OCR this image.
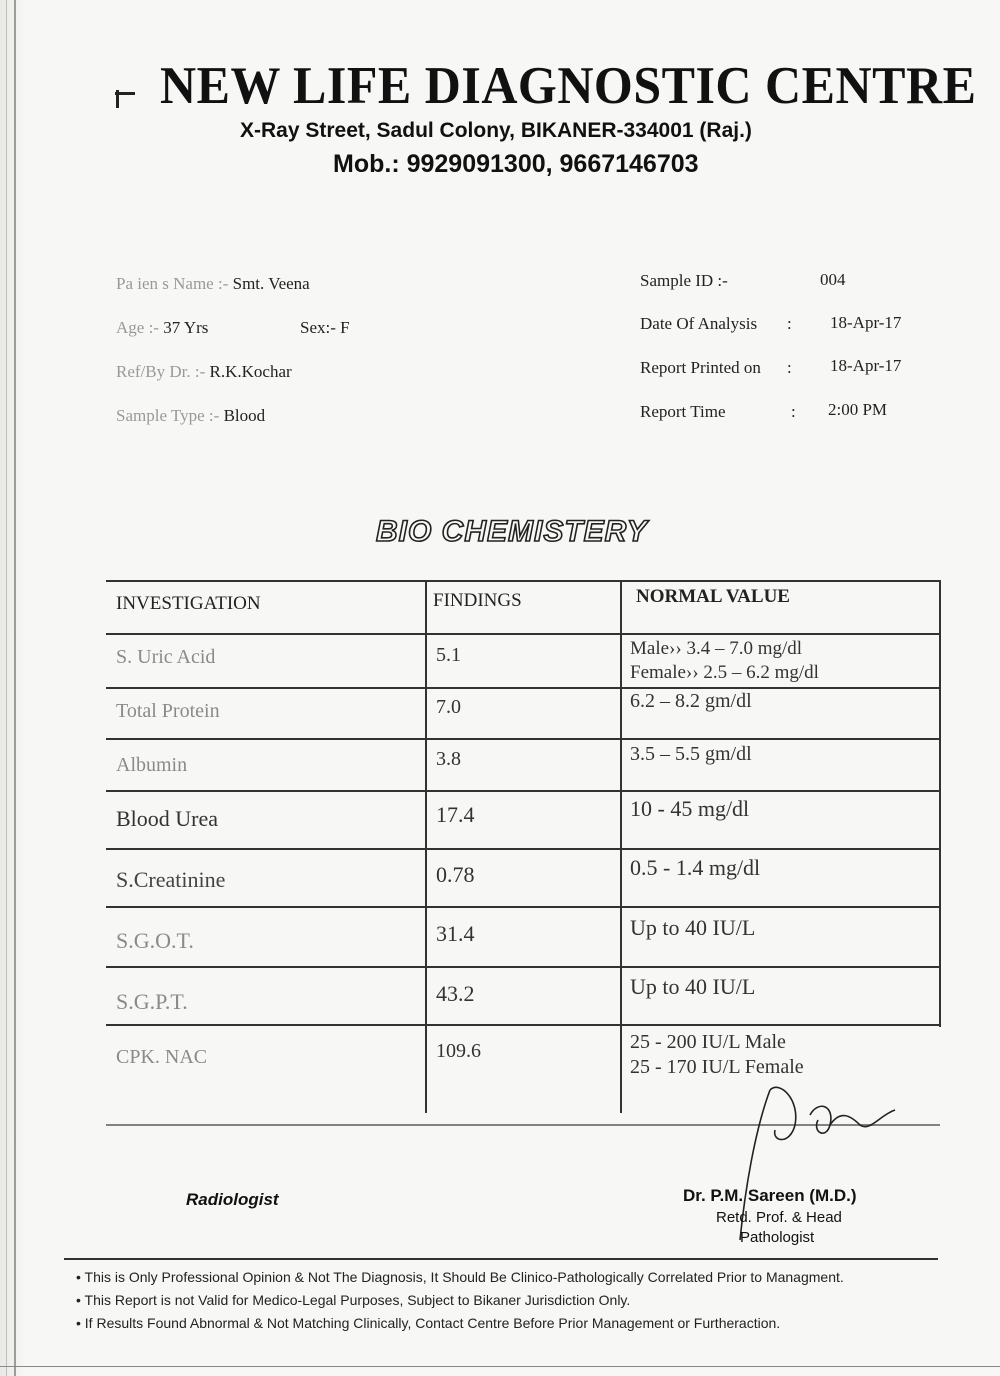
NEW LIFE DIAGNOSTIC CENTRE
X-Ray Street, Sadul Colony, BIKANER-334001 (Raj.)
Mob.: 9929091300, 9667146703
Pa ien s Name :- Smt. Veena
Age :- 37 Yrs	Sex:- F
Ref/By Dr. :- R.K.Kochar
Sample Type :- Blood
Sample ID :-	004
Date Of Analysis : 18-Apr-17
Report Printed on : 18-Apr-17
Report Time	: 2:00 PM
BIO CHEMISTERY
INVESTIGATION	FINDINGS	NORMAL VALUE
S. Uric Acid	5.1	Male›› 3.4 – 7.0 mg/dl
Female›› 2.5 – 6.2 mg/dl
Total Protein	7.0	6.2 – 8.2 gm/dl
Albumin	3.8	3.5 – 5.5 gm/dl
Blood Urea	17.4	10 - 45 mg/dl
S.Creatinine	0.78	0.5 - 1.4 mg/dl
S.G.O.T.	31.4	Up to 40 IU/L
S.G.P.T.	43.2	Up to 40 IU/L
CPK. NAC	109.6	25 - 200 IU/L Male
25 - 170 IU/L Female
Radiologist	Dr. P.M. Sareen (M.D.)
Retd. Prof. & Head
Pathologist
• This is Only Professional Opinion & Not The Diagnosis, It Should Be Clinico-Pathologically Correlated Prior to Managment.
• This Report is not Valid for Medico-Legal Purposes, Subject to Bikaner Jurisdiction Only.
• If Results Found Abnormal & Not Matching Clinically, Contact Centre Before Prior Management or Furtheraction.
